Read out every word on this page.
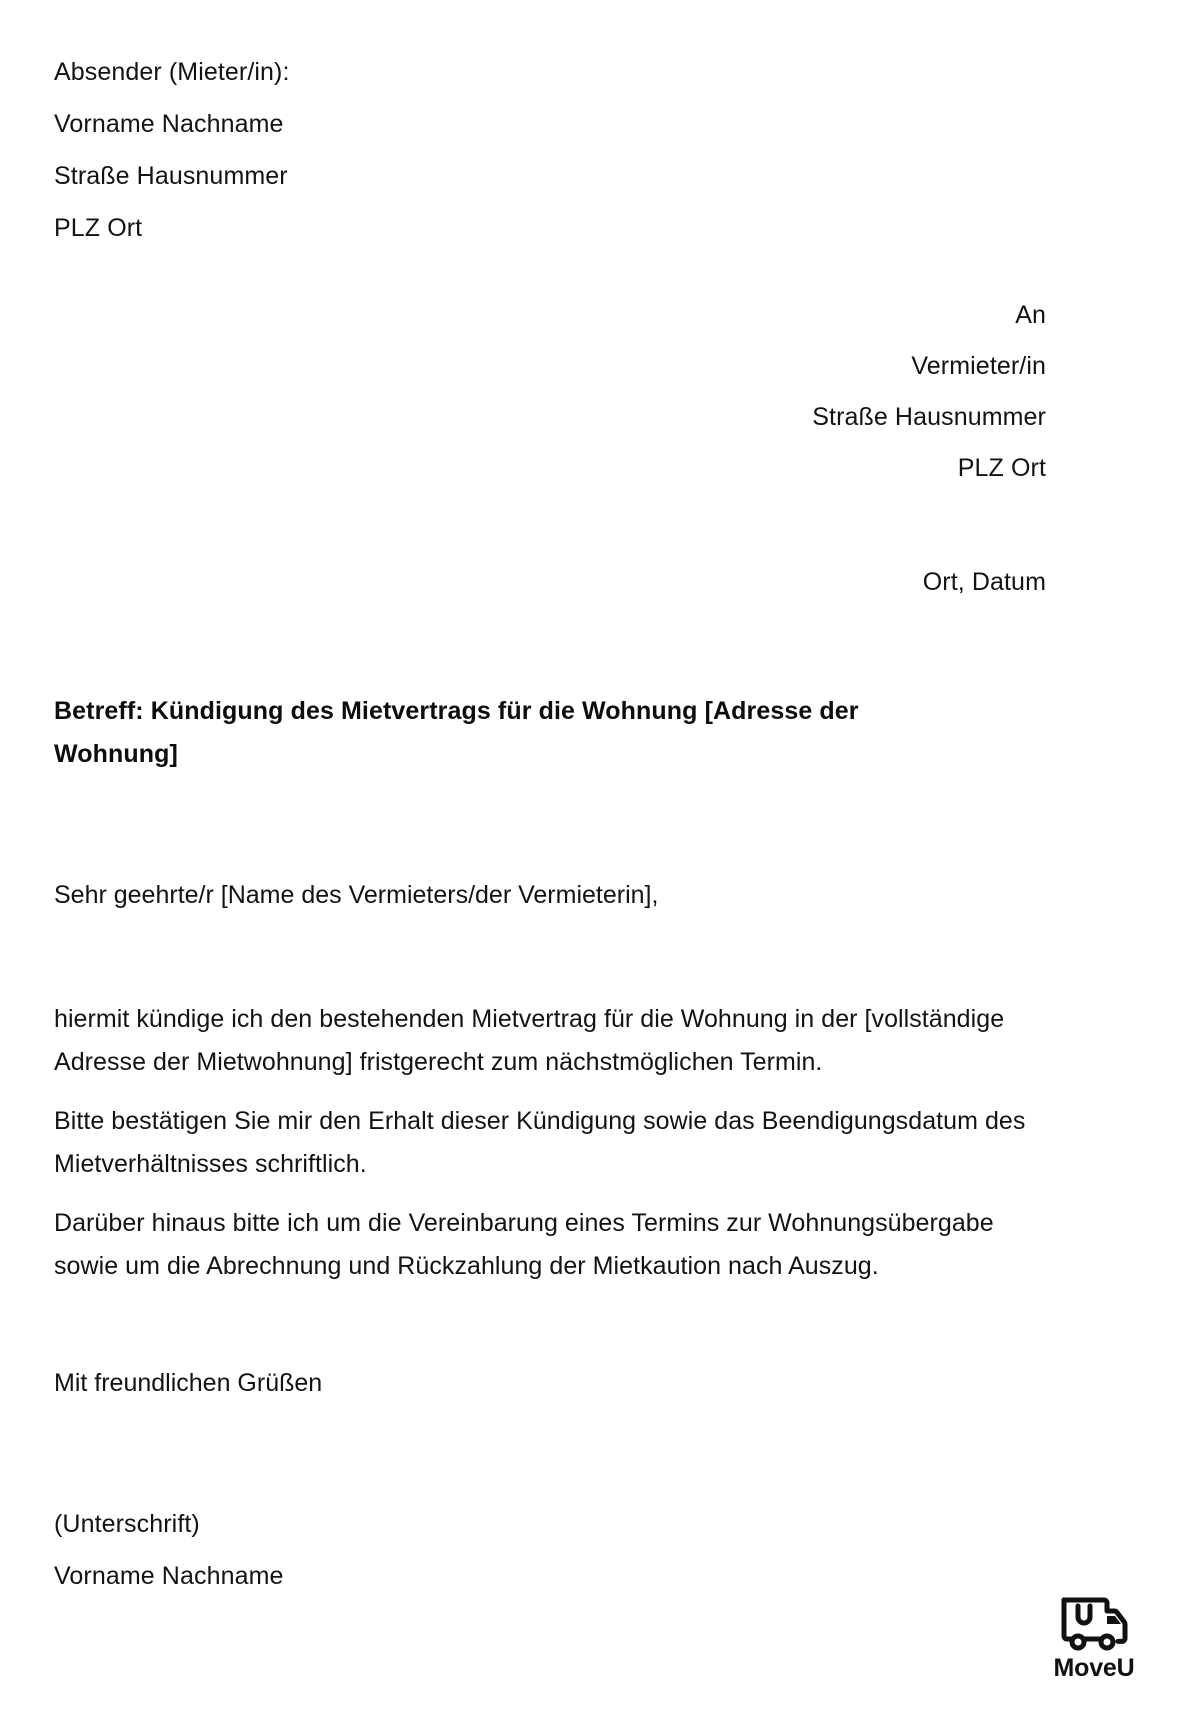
Absender (Mieter/in):
Vorname Nachname
Straße Hausnummer
PLZ Ort
An
Vermieter/in
Straße Hausnummer
PLZ Ort
Ort, Datum
Betreff: Kündigung des Mietvertrags für die Wohnung [Adresse der Wohnung]
Sehr geehrte/r [Name des Vermieters/der Vermieterin],

hiermit kündige ich den bestehenden Mietvertrag für die Wohnung in der [vollständige Adresse der Mietwohnung] fristgerecht zum nächstmöglichen Termin.

Bitte bestätigen Sie mir den Erhalt dieser Kündigung sowie das Beendigungsdatum des Mietverhältnisses schriftlich.

Darüber hinaus bitte ich um die Vereinbarung eines Termins zur Wohnungsübergabe sowie um die Abrechnung und Rückzahlung der Mietkaution nach Auszug.

Mit freundlichen Grüßen
(Unterschrift)
Vorname Nachname
MoveU
